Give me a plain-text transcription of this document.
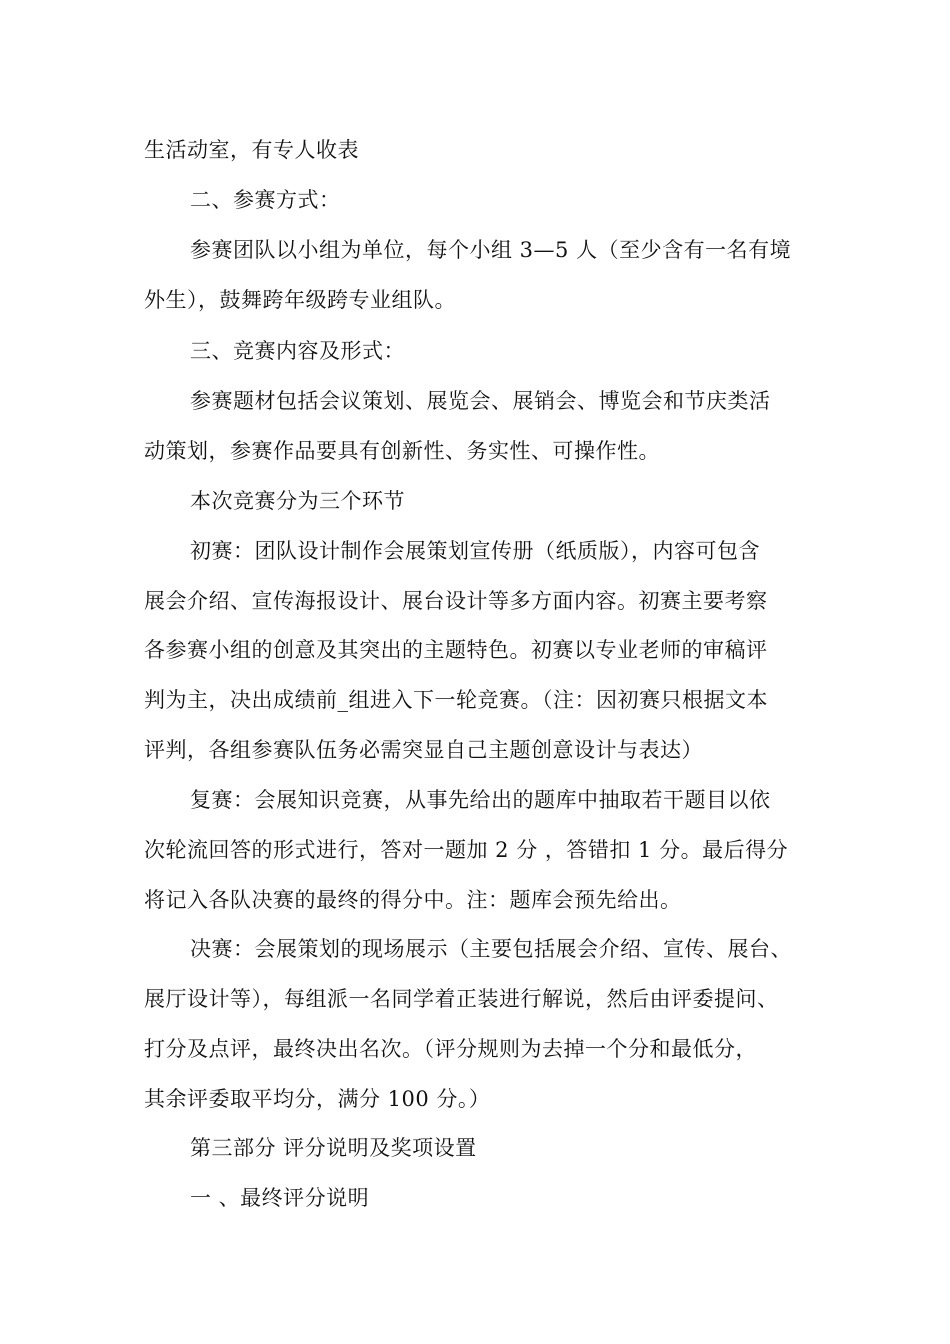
生活动室，有专人收表
二、参赛方式：
参赛团队以小组为单位，每个小组 3—5 人（至少含有一名有境
外生），鼓舞跨年级跨专业组队。
三、竞赛内容及形式：
参赛题材包括会议策划、展览会、展销会、博览会和节庆类活
动策划，参赛作品要具有创新性、务实性、可操作性。
本次竞赛分为三个环节
初赛：团队设计制作会展策划宣传册（纸质版），内容可包含
展会介绍、宣传海报设计、展台设计等多方面内容。初赛主要考察
各参赛小组的创意及其突出的主题特色。初赛以专业老师的审稿评
判为主，决出成绩前_组进入下一轮竞赛。（注：因初赛只根据文本
评判，各组参赛队伍务必需突显自己主题创意设计与表达）
复赛：会展知识竞赛，从事先给出的题库中抽取若干题目以依
次轮流回答的形式进行，答对一题加 2 分 ，答错扣 1 分。最后得分
将记入各队决赛的最终的得分中。注：题库会预先给出。
决赛：会展策划的现场展示（主要包括展会介绍、宣传、展台、
展厅设计等），每组派一名同学着正装进行解说，然后由评委提问、
打分及点评，最终决出名次。（评分规则为去掉一个分和最低分，
其余评委取平均分，满分 100 分。）
第三部分 评分说明及奖项设置
一 、最终评分说明
